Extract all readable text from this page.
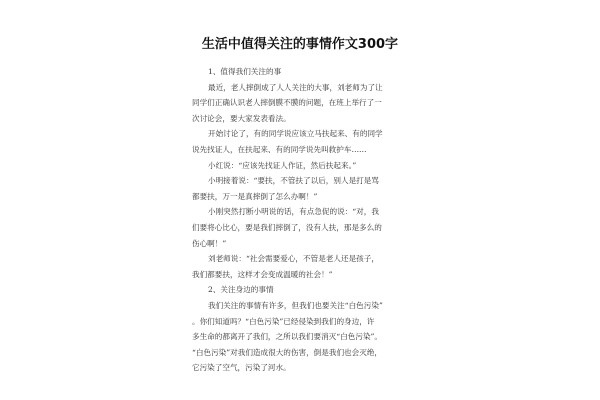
生活中值得关注的事情作文300字
1、值得我们关注的事
最近，老人摔倒成了人人关注的大事，刘老师为了让
同学们正确认识老人摔倒膜不膜的问题，在班上举行了一
次讨论会，要大家发表看法。
开始讨论了，有的同学说应该立马扶起来、有的同学
说先找证人，在扶起来、有的同学说先叫救护车……
小红说：“应该先找证人作证，然后扶起来。”
小明接着说：“要扶，不管扶了以后，别人是打是骂
都要扶，万一是真摔倒了怎么办啊！”
小刚突然打断小明说的话，有点急促的说：“对，我
们要将心比心，要是我们摔倒了，没有人扶，那是多么的
伤心啊！”
刘老师说：“社会需要爱心，不管是老人还是孩子，
我们都要扶，这样才会变成温暖的社会！”
2、关注身边的事情
我们关注的事情有许多，但我们也要关注“白色污染”
。你们知道吗？“白色污染”已经侵染到我们的身边，许
多生命的都离开了我们，之所以我们要消灭“白色污染”。
“白色污染”对我们造成很大的伤害，倒是我们也会灭绝，
它污染了空气，污染了河水。
